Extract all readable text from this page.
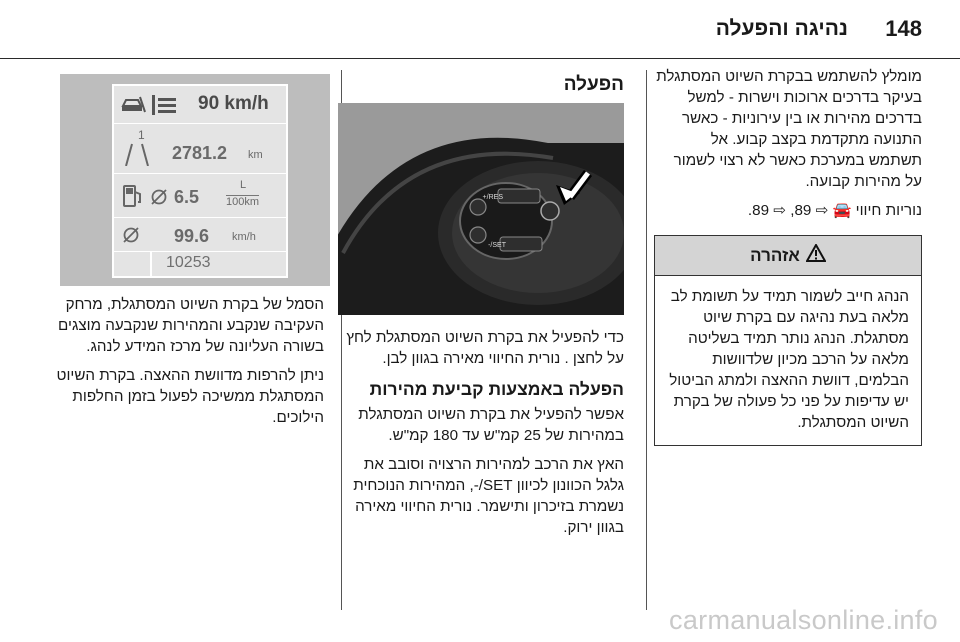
148
נהיגה והפעלה

מומלץ להשתמש בבקרת השיוט המסתגלת בעיקר בדרכים ארוכות וישרות - למשל בדרכים מהירות או בין עירוניות - כאשר התנועה מתקדמת בקצב קבוע. אל תשתמש במערכת כאשר לא רצוי לשמור על מהירות קבועה.

נוריות חיווי 🚘 ⇨ 89, ⇨ 89.

אזהרה
הנהג חייב לשמור תמיד על תשומת לב מלאה בעת נהיגה עם בקרת שיוט מסתגלת. הנהג נותר תמיד בשליטה מלאה על הרכב מכיון שלדוושות הבלמים, דוושת ההאצה ולמתג הביטול יש עדיפות על פני כל פעולה של בקרת השיוט המסתגלת.
הפעלה
RES/+
SET/-

כדי להפעיל את בקרת השיוט המסתגלת לחץ על לחצן . נורית החיווי מאירה בגוון לבן.

הפעלה באמצעות קביעת מהירות

אפשר להפעיל את בקרת השיוט המסתגלת במהירות של 25 קמ"ש עד 180 קמ"ש.

האץ את הרכב למהירות הרצויה וסובב את גלגל הכוונון לכיוון SET/-, המהירות הנוכחית נשמרת בזיכרון ותישמר. נורית החיווי מאירה בגוון ירוק.

90 km/h
1
2781.2 km
6.5
L
100km
99.6 km/h
10253

הסמל של בקרת השיוט המסתגלת, מרחק העקיבה שנקבע והמהירות שנקבעה מוצגים בשורה העליונה של מרכז המידע לנהג.

ניתן להרפות מדוושת ההאצה. בקרת השיוט המסתגלת ממשיכה לפעול בזמן החלפות הילוכים.

carmanualsonline.info
